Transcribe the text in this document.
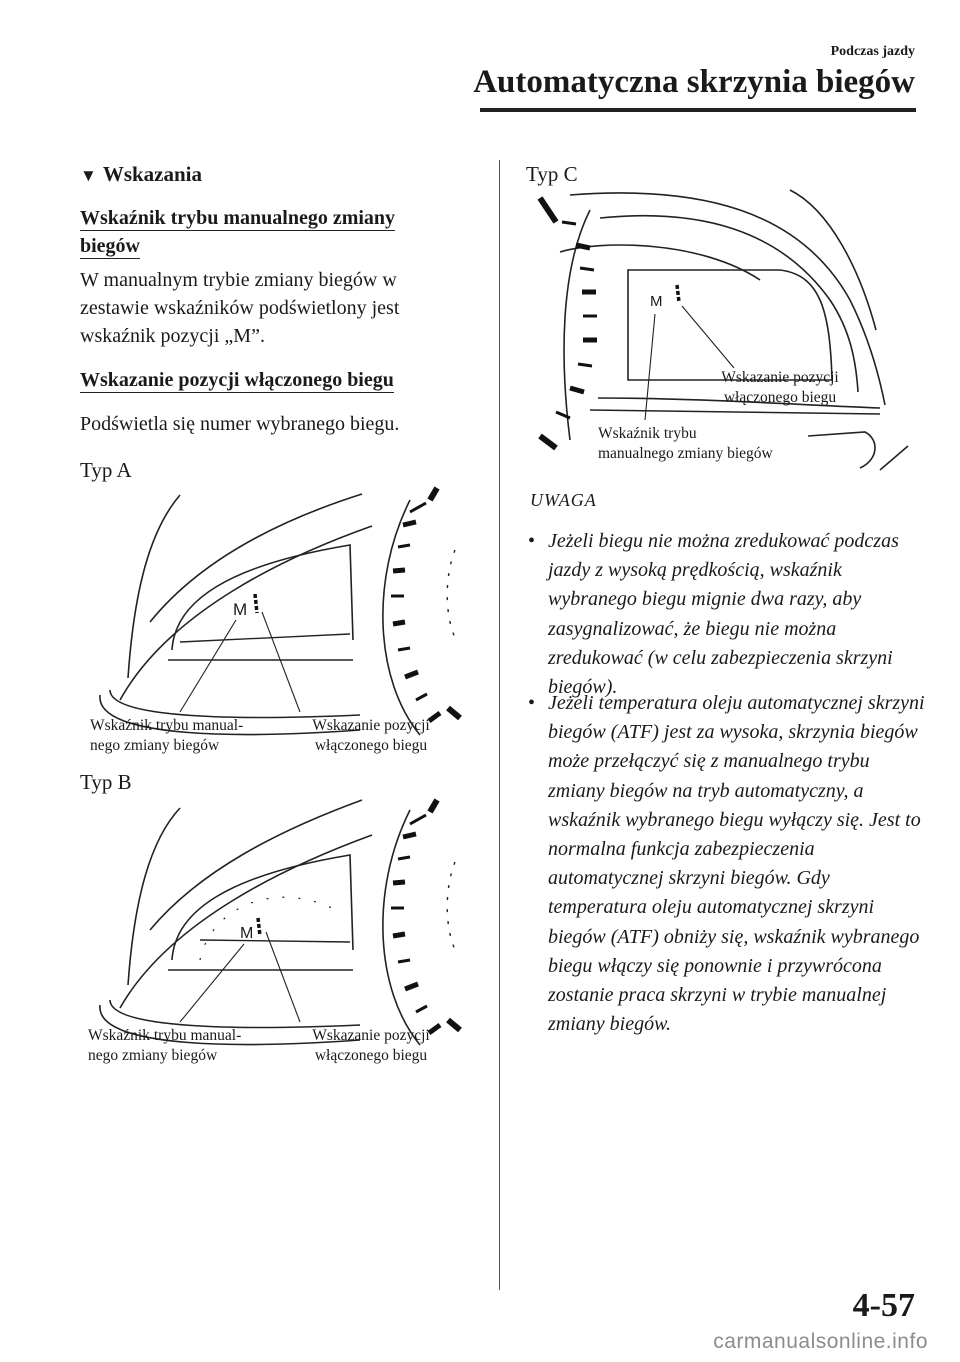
Podczas jazdy
Automatyczna skrzynia biegów
▼ Wskazania
Wskaźnik trybu manualnego zmiany
biegów
W manualnym trybie zmiany biegów w zestawie wskaźników podświetlony jest wskaźnik pozycji „M”.
Wskazanie pozycji włączonego biegu
Podświetla się numer wybranego biegu.
Typ A
M
Wskaźnik trybu manual-
nego zmiany biegów
Wskazanie pozycji
włączonego biegu
Typ B
M
Wskaźnik trybu manual-
nego zmiany biegów
Wskazanie pozycji
włączonego biegu
Typ C
M
Wskazanie pozycji
włączonego biegu
Wskaźnik trybu
manualnego zmiany biegów
UWAGA
• Jeżeli biegu nie można zredukować podczas jazdy z wysoką prędkością, wskaźnik wybranego biegu mignie dwa razy, aby zasygnalizować, że biegu nie można zredukować (w celu zabezpieczenia skrzyni biegów).
• Jeżeli temperatura oleju automatycznej skrzyni biegów (ATF) jest za wysoka, skrzynia biegów może przełączyć się z manualnego trybu zmiany biegów na tryb automatyczny, a wskaźnik wybranego biegu wyłączy się. Jest to normalna funkcja zabezpieczenia automatycznej skrzyni biegów. Gdy temperatura oleju automatycznej skrzyni biegów (ATF) obniży się, wskaźnik wybranego biegu włączy się ponownie i przywrócona zostanie praca skrzyni w trybie manualnej zmiany biegów.
4-57
carmanualsonline.info
